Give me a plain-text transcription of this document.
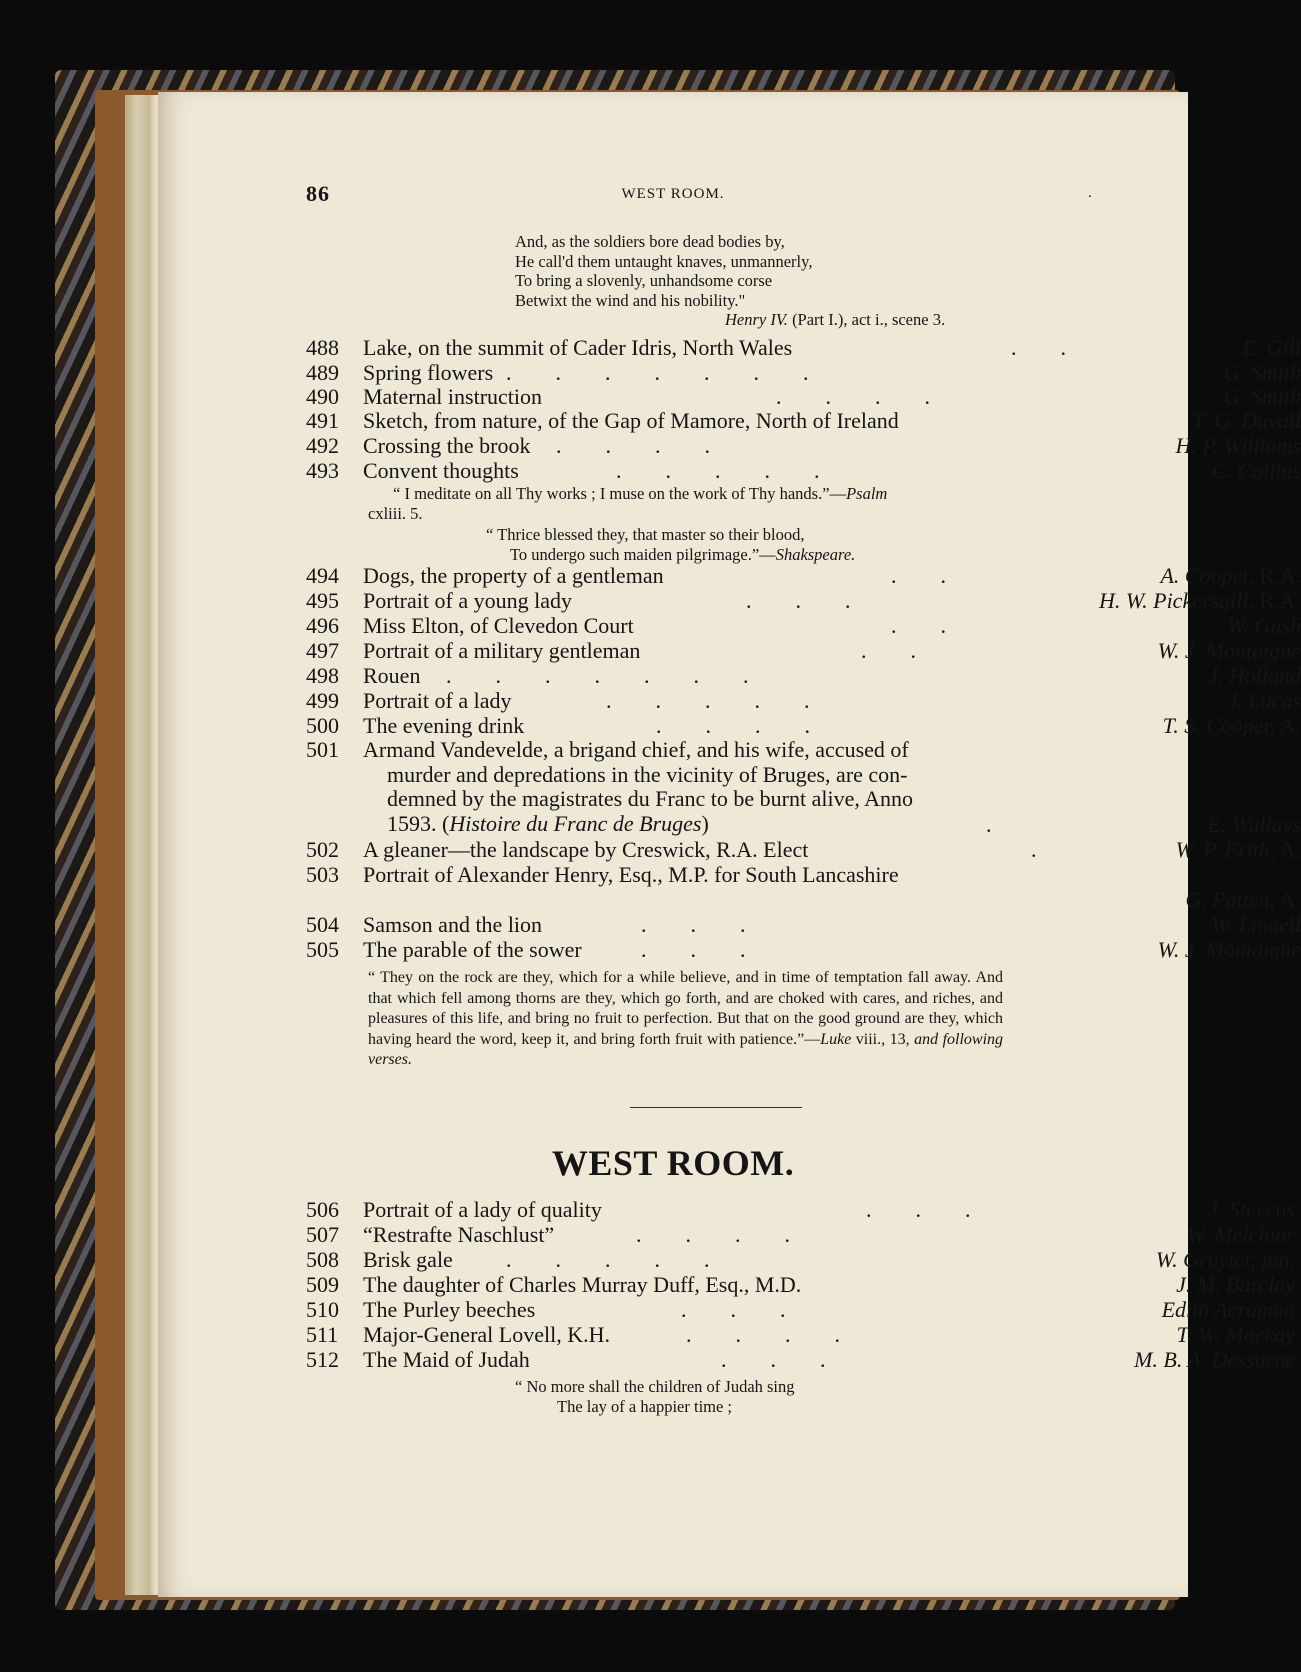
86	WEST ROOM.	.
And, as the soldiers bore dead bodies by,
He call'd them untaught knaves, unmannerly,
To bring a slovenly, unhandsome corse
Betwixt the wind and his nobility."
Henry IV. (Part I.), act i., scene 3.
488	Lake, on the summit of Cader Idris, North Wales	.        .	E. Gill
489	Spring flowers .        .        .        .        .        .        .	G. Smith
490	Maternal instruction	.        .        .        .	G. Smith
491	Sketch, from nature, of the Gap of Mamore, North of Ireland	T. G. Duvall
492	Crossing the brook .        .        .        .	H. P. Williams
493	Convent thoughts	.        .        .        .        .	C. Collins
“ I meditate on all Thy works ; I muse on the work of Thy hands.”—Psalm
cxliii. 5.
“ Thrice blessed they, that master so their blood,
To undergo such maiden pilgrimage.”—Shakspeare.
494	Dogs, the property of a gentleman	.        .	A. Cooper, R.A.
495	Portrait of a young lady	.        .        .	H. W. Pickersgill, R.A.
496	Miss Elton, of Clevedon Court	.        .	W. Gush
497	Portrait of a military gentleman	.        .	W. J. Montaigne
498	Rouen .        .        .        .        .        .        .	J. Holland
499	Portrait of a lady	.        .        .        .        .	J. Lucas
500	The evening drink	.        .        .        .	T. S. Cooper, A.
501 Armand Vandevelde, a brigand chief, and his wife, accused of
murder and depredations in the vicinity of Bruges, are con-
demned by the magistrates du Franc to be burnt alive, Anno
1593. (Histoire du Franc de Bruges)	.	E. Wallays
502	A gleaner—the landscape by Creswick, R.A. Elect	.	W. P. Frith, A.
503	Portrait of Alexander Henry, Esq., M.P. for South Lancashire
G. Patten, A.
504	Samson and the lion	.        .        .	W. Linnell
505	The parable of the sower	.        .        .	W. J. Montaigne

“ They on the rock are they, which for a while believe, and in time of temptation fall away. And that which fell among thorns are they, which go forth, and are choked with cares, and riches, and pleasures of this life, and bring no fruit to perfection. But that on the good ground are they, which having heard the word, keep it, and bring forth fruit with patience.”—Luke viii., 13, and following verses.

WEST ROOM.
506	Portrait of a lady of quality	.        .        .	J. Stevens
507	“Restrafte Naschlust”	.        .        .        .	W. Melchior
508	Brisk gale .        .        .        .        .	W. Gruyter, jun.
509	The daughter of Charles Murray Duff, Esq., M.D.	J. M. Barclay
510	The Purley beeches	.        .        .	Edith Acraman
511	Major-General Lovell, K.H.	.        .        .        .	T. W. Mackay
512	The Maid of Judah	.        .        .	M. B. A. Dessurne
“ No more shall the children of Judah sing
The lay of a happier time ;
